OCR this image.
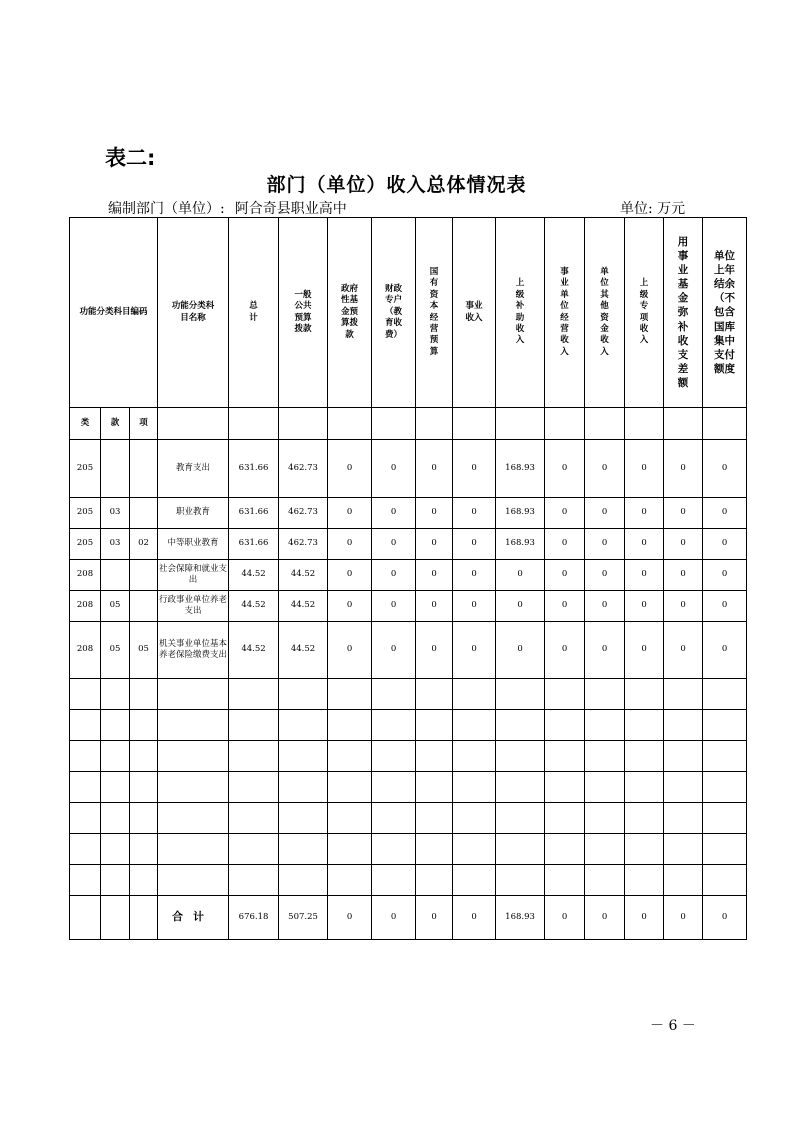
表二:
部门（单位）收入总体情况表
编制部门（单位）: 阿合奇县职业高中	单位: 万元
功能分类科目编码			功能分类科目名称	总计	一般公共预算拨款	政府性基金预算拨款	财政专户（教育收费）	国有资本经营预算	事业收入	上级补助收入	事业单位经营收入	单位其他资金收入	上级专项收入	用事业基金弥补收支差额	单位上年结余（不包含国库集中支付额度
类	款	项													
205			教育支出	631.66	462.73	0	0	0	0	168.93	0	0	0	0	0
205	03		职业教育	631.66	462.73	0	0	0	0	168.93	0	0	0	0	0
205	03	02	中等职业教育	631.66	462.73	0	0	0	0	168.93	0	0	0	0	0
208			社会保障和就业支出	44.52	44.52	0	0	0	0	0	0	0	0	0	0
208	05		行政事业单位养老支出	44.52	44.52	0	0	0	0	0	0	0	0	0	0
208	05	05	机关事业单位基本养老保险缴费支出	44.52	44.52	0	0	0	0	0	0	0	0	0	0

			合计	676.18	507.25	0	0	0	0	168.93	0	0	0	0	0
－ 6 －
